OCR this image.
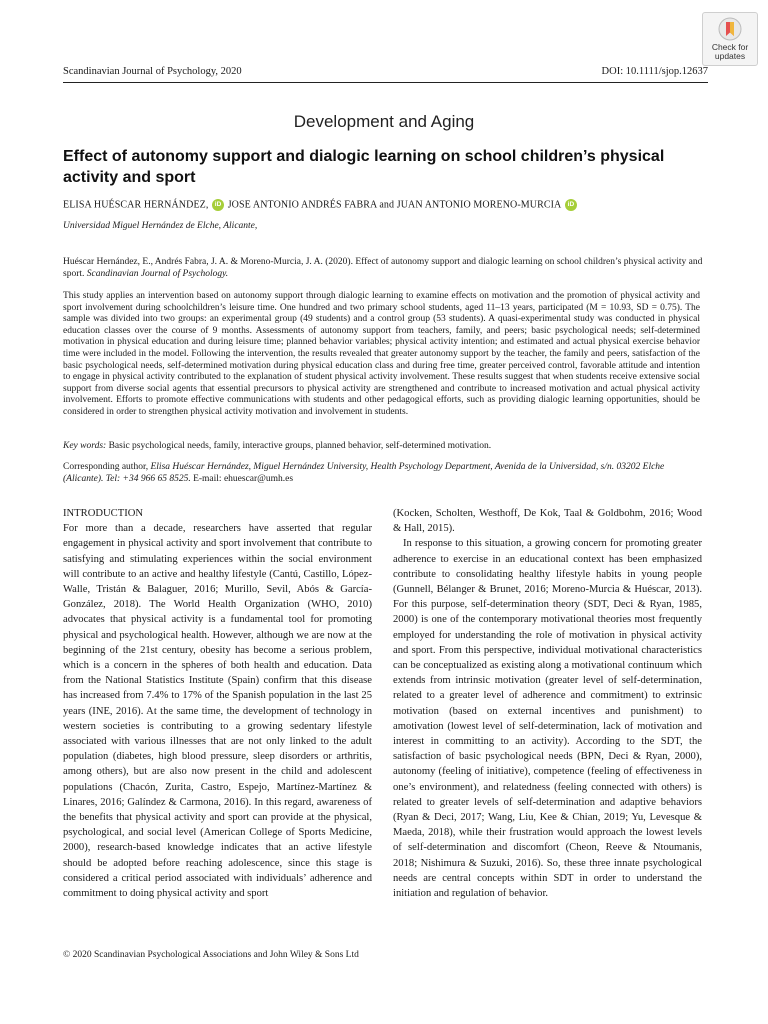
Check for updates
Scandinavian Journal of Psychology, 2020	DOI: 10.1111/sjop.12637
Development and Aging
Effect of autonomy support and dialogic learning on school children’s physical activity and sport
ELISA HUÉSCAR HERNÁNDEZ, iD JOSE ANTONIO ANDRÉS FABRA and JUAN ANTONIO MORENO-MURCIA iD
Universidad Miguel Hernández de Elche, Alicante,
Huéscar Hernández, E., Andrés Fabra, J. A. & Moreno-Murcia, J. A. (2020). Effect of autonomy support and dialogic learning on school children’s physical activity and sport. Scandinavian Journal of Psychology.
This study applies an intervention based on autonomy support through dialogic learning to examine effects on motivation and the promotion of physical activity and sport involvement during schoolchildren’s leisure time. One hundred and two primary school students, aged 11–13 years, participated (M = 10.93, SD = 0.75). The sample was divided into two groups: an experimental group (49 students) and a control group (53 students). A quasi-experimental study was conducted in physical education classes over the course of 9 months. Assessments of autonomy support from teachers, family, and peers; basic psychological needs; self-determined motivation in physical education and during leisure time; planned behavior variables; physical activity intention; and estimated and actual physical exercise behavior time were included in the model. Following the intervention, the results revealed that greater autonomy support by the teacher, the family and peers, satisfaction of the basic psychological needs, self-determined motivation during physical education class and during free time, greater perceived control, favorable attitude and intention to engage in physical activity contributed to the explanation of student physical activity involvement. These results suggest that when students receive extensive social support from diverse social agents that essential precursors to physical activity are strengthened and contribute to increased motivation and actual physical activity involvement. Efforts to promote effective communications with students and other pedagogical efforts, such as providing dialogic learning opportunities, should be considered in order to strengthen physical activity motivation and involvement in students.
Key words: Basic psychological needs, family, interactive groups, planned behavior, self-determined motivation.
Corresponding author, Elisa Huéscar Hernández, Miguel Hernández University, Health Psychology Department, Avenida de la Universidad, s/n. 03202 Elche (Alicante). Tel: +34 966 65 8525. E-mail: ehuescar@umh.es
INTRODUCTION

For more than a decade, researchers have asserted that regular engagement in physical activity and sport involvement that contribute to satisfying and stimulating experiences within the social environment will contribute to an active and healthy lifestyle (Cantú, Castillo, López-Walle, Tristán & Balaguer, 2016; Murillo, Sevil, Abós & García-González, 2018). The World Health Organization (WHO, 2010) advocates that physical activity is a fundamental tool for promoting physical and psychological health. However, although we are now at the beginning of the 21st century, obesity has become a serious problem, which is a concern in the spheres of both health and education. Data from the National Statistics Institute (Spain) confirm that this disease has increased from 7.4% to 17% of the Spanish population in the last 25 years (INE, 2016). At the same time, the development of technology in western societies is contributing to a growing sedentary lifestyle associated with various illnesses that are not only linked to the adult population (diabetes, high blood pressure, sleep disorders or arthritis, among others), but are also now present in the child and adolescent populations (Chacón, Zurita, Castro, Espejo, Martínez-Martínez & Linares, 2016; Galíndez & Carmona, 2016). In this regard, awareness of the benefits that physical activity and sport can provide at the physical, psychological, and social level (American College of Sports Medicine, 2000), research-based knowledge indicates that an active lifestyle should be adopted before reaching adolescence, since this stage is considered a critical period associated with individuals’ adherence and commitment to doing physical activity and sport

(Kocken, Scholten, Westhoff, De Kok, Taal & Goldbohm, 2016; Wood & Hall, 2015).

In response to this situation, a growing concern for promoting greater adherence to exercise in an educational context has been emphasized contribute to consolidating healthy lifestyle habits in young people (Gunnell, Bélanger & Brunet, 2016; Moreno-Murcia & Huéscar, 2013). For this purpose, self-determination theory (SDT, Deci & Ryan, 1985, 2000) is one of the contemporary motivational theories most frequently employed for understanding the role of motivation in physical activity and sport. From this perspective, individual motivational characteristics can be conceptualized as existing along a motivational continuum which extends from intrinsic motivation (greater level of self-determination, related to a greater level of adherence and commitment) to extrinsic motivation (based on external incentives and punishment) to amotivation (lowest level of self-determination, lack of motivation and interest in committing to an activity). According to the SDT, the satisfaction of basic psychological needs (BPN, Deci & Ryan, 2000), autonomy (feeling of initiative), competence (feeling of effectiveness in one’s environment), and relatedness (feeling connected with others) is related to greater levels of self-determination and adaptive behaviors (Ryan & Deci, 2017; Wang, Liu, Kee & Chian, 2019; Yu, Levesque & Maeda, 2018), while their frustration would approach the lowest levels of self-determination and discomfort (Cheon, Reeve & Ntoumanis, 2018; Nishimura & Suzuki, 2016). So, these three innate psychological needs are central concepts within SDT in order to understand the initiation and regulation of behavior.

© 2020 Scandinavian Psychological Associations and John Wiley & Sons Ltd
